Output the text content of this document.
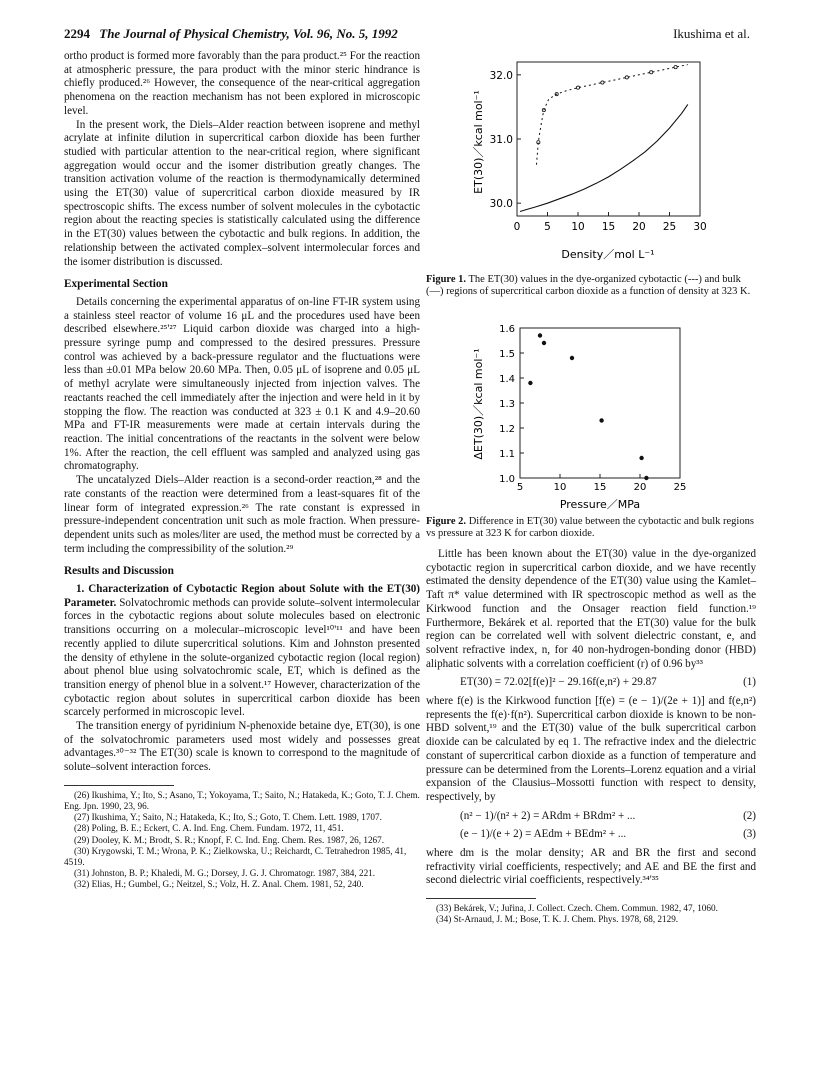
2294 The Journal of Physical Chemistry, Vol. 96, No. 5, 1992	Ikushima et al.

ortho product is formed more favorably than the para product.²⁵ For the reaction at atmospheric pressure, the para product with the minor steric hindrance is chiefly produced.²⁶ However, the consequence of the near-critical aggregation phenomena on the reaction mechanism has not been explored in microscopic level.

In the present work, the Diels–Alder reaction between isoprene and methyl acrylate at infinite dilution in supercritical carbon dioxide has been further studied with particular attention to the near-critical region, where significant aggregation would occur and the isomer distribution greatly changes. The transition activation volume of the reaction is thermodynamically determined using the ET(30) value of supercritical carbon dioxide measured by IR spectroscopic shifts. The excess number of solvent molecules in the cybotactic region about the reacting species is statistically calculated using the difference in the ET(30) values between the cybotactic and bulk regions. In addition, the relationship between the activated complex–solvent intermolecular forces and the isomer distribution is discussed.

Experimental Section

Details concerning the experimental apparatus of on-line FT-IR system using a stainless steel reactor of volume 16 μL and the procedures used have been described elsewhere.²⁵'²⁷ Liquid carbon dioxide was charged into a high-pressure syringe pump and compressed to the desired pressures. Pressure control was achieved by a back-pressure regulator and the fluctuations were less than ±0.01 MPa below 20.60 MPa. Then, 0.05 μL of isoprene and 0.05 μL of methyl acrylate were simultaneously injected from injection valves. The reactants reached the cell immediately after the injection and were held in it by stopping the flow. The reaction was conducted at 323 ± 0.1 K and 4.9–20.60 MPa and FT-IR measurements were made at certain intervals during the reaction. The initial concentrations of the reactants in the solvent were below 1%. After the reaction, the cell effluent was sampled and analyzed using gas chromatography.

The uncatalyzed Diels–Alder reaction is a second-order reaction,²⁸ and the rate constants of the reaction were determined from a least-squares fit of the linear form of integrated expression.²⁶ The rate constant is expressed in pressure-independent concentration unit such as mole fraction. When pressure-dependent units such as moles/liter are used, the method must be corrected by a term including the compressibility of the solution.²⁹

Results and Discussion

1. Characterization of Cybotactic Region about Solute with the ET(30) Parameter. Solvatochromic methods can provide solute–solvent intermolecular forces in the cybotactic regions about solute molecules based on electronic transitions occurring on a molecular–microscopic level¹⁰'¹¹ and have been recently applied to dilute supercritical solutions. Kim and Johnston presented the density of ethylene in the solute-organized cybotactic region (local region) about phenol blue using solvatochromic scale, ET, which is defined as the transition energy of phenol blue in a solvent.¹⁷ However, characterization of the cybotactic region about solutes in supercritical carbon dioxide has been scarcely performed in microscopic level.

The transition energy of pyridinium N-phenoxide betaine dye, ET(30), is one of the solvatochromic parameters used most widely and possesses great advantages.³⁰⁻³² The ET(30) scale is known to correspond to the magnitude of solute–solvent interaction forces.

(26) Ikushima, Y.; Ito, S.; Asano, T.; Yokoyama, T.; Saito, N.; Hatakeda, K.; Goto, T. J. Chem. Eng. Jpn. 1990, 23, 96.
(27) Ikushima, Y.; Saito, N.; Hatakeda, K.; Ito, S.; Goto, T. Chem. Lett. 1989, 1707.
(28) Poling, B. E.; Eckert, C. A. Ind. Eng. Chem. Fundam. 1972, 11, 451.
(29) Dooley, K. M.; Brodt, S. R.; Knopf, F. C. Ind. Eng. Chem. Res. 1987, 26, 1267.
(30) Krygowski, T. M.; Wrona, P. K.; Zielkowska, U.; Reichardt, C. Tetrahedron 1985, 41, 4519.
(31) Johnston, B. P.; Khaledi, M. G.; Dorsey, J. G. J. Chromatogr. 1987, 384, 221.
(32) Elias, H.; Gumbel, G.; Neitzel, S.; Volz, H. Z. Anal. Chem. 1981, 52, 240.
0 5 10 15 20 25 30
30.0
31.0
32.0
Density／mol L⁻¹
ET(30)／kcal mol⁻¹
Figure 1. The ET(30) values in the dye-organized cybotactic (---) and bulk (—) regions of supercritical carbon dioxide as a function of density at 323 K.
5	10	15	20	25
1.0
1.1
1.2
1.3
1.4
1.5
1.6
Pressure／MPa
ΔET(30)／kcal mol⁻¹
Figure 2. Difference in ET(30) value between the cybotactic and bulk regions vs pressure at 323 K for carbon dioxide.

Little has been known about the ET(30) value in the dye-organized cybotactic region in supercritical carbon dioxide, and we have recently estimated the density dependence of the ET(30) value using the Kamlet–Taft π* value determined with IR spectroscopic method as well as the Kirkwood function and the Onsager reaction field function.¹⁹ Furthermore, Bekárek et al. reported that the ET(30) value for the bulk region can be correlated well with solvent dielectric constant, e, and solvent refractive index, n, for 40 non-hydrogen-bonding donor (HBD) aliphatic solvents with a correlation coefficient (r) of 0.96 by³³

ET(30) = 72.02[f(e)]² − 29.16f(e,n²) + 29.87	(1)

where f(e) is the Kirkwood function [f(e) = (e − 1)/(2e + 1)] and f(e,n²) represents the f(e)·f(n²). Supercritical carbon dioxide is known to be non-HBD solvent,¹⁹ and the ET(30) value of the bulk supercritical carbon dioxide can be calculated by eq 1. The refractive index and the dielectric constant of supercritical carbon dioxide as a function of temperature and pressure can be determined from the Lorents–Lorenz equation and a virial expansion of the Clausius–Mossotti function with respect to density, respectively, by

(n² − 1)/(n² + 2) = ARdm + BRdm² + ...	(2)
(e − 1)/(e + 2) = AEdm + BEdm² + ...	(3)

where dm is the molar density; AR and BR the first and second refractivity virial coefficients, respectively; and AE and BE the first and second dielectric virial coefficients, respectively.³⁴'³⁵

(33) Bekárek, V.; Juřina, J. Collect. Czech. Chem. Commun. 1982, 47, 1060.
(34) St-Arnaud, J. M.; Bose, T. K. J. Chem. Phys. 1978, 68, 2129.
